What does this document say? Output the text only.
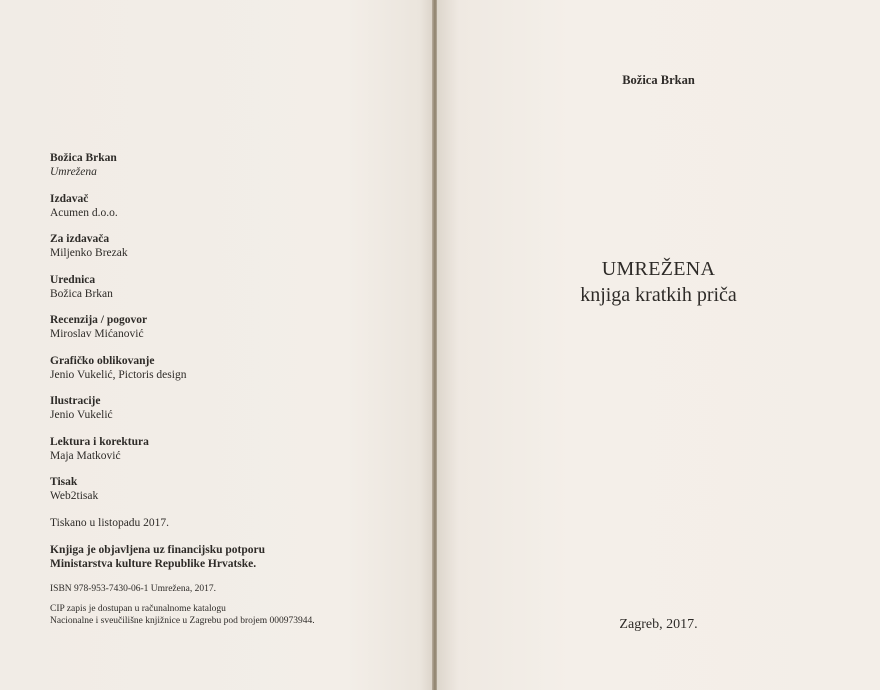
Božica Brkan
Umrežena
Izdavač
Acumen d.o.o.
Za izdavača
Miljenko Brezak
Urednica
Božica Brkan
Recenzija / pogovor
Miroslav Mićanović
Grafičko oblikovanje
Jenio Vukelić, Pictoris design
Ilustracije
Jenio Vukelić
Lektura i korektura
Maja Matković
Tisak
Web2tisak
Tiskano u listopadu 2017.
Knjiga je objavljena uz financijsku potporu
Ministarstva kulture Republike Hrvatske.
ISBN 978-953-7430-06-1 Umrežena, 2017.
CIP zapis je dostupan u računalnome katalogu
Nacionalne i sveučilišne knjižnice u Zagrebu pod brojem 000973944.
Božica Brkan
UMREŽENA
knjiga kratkih priča
Zagreb, 2017.
